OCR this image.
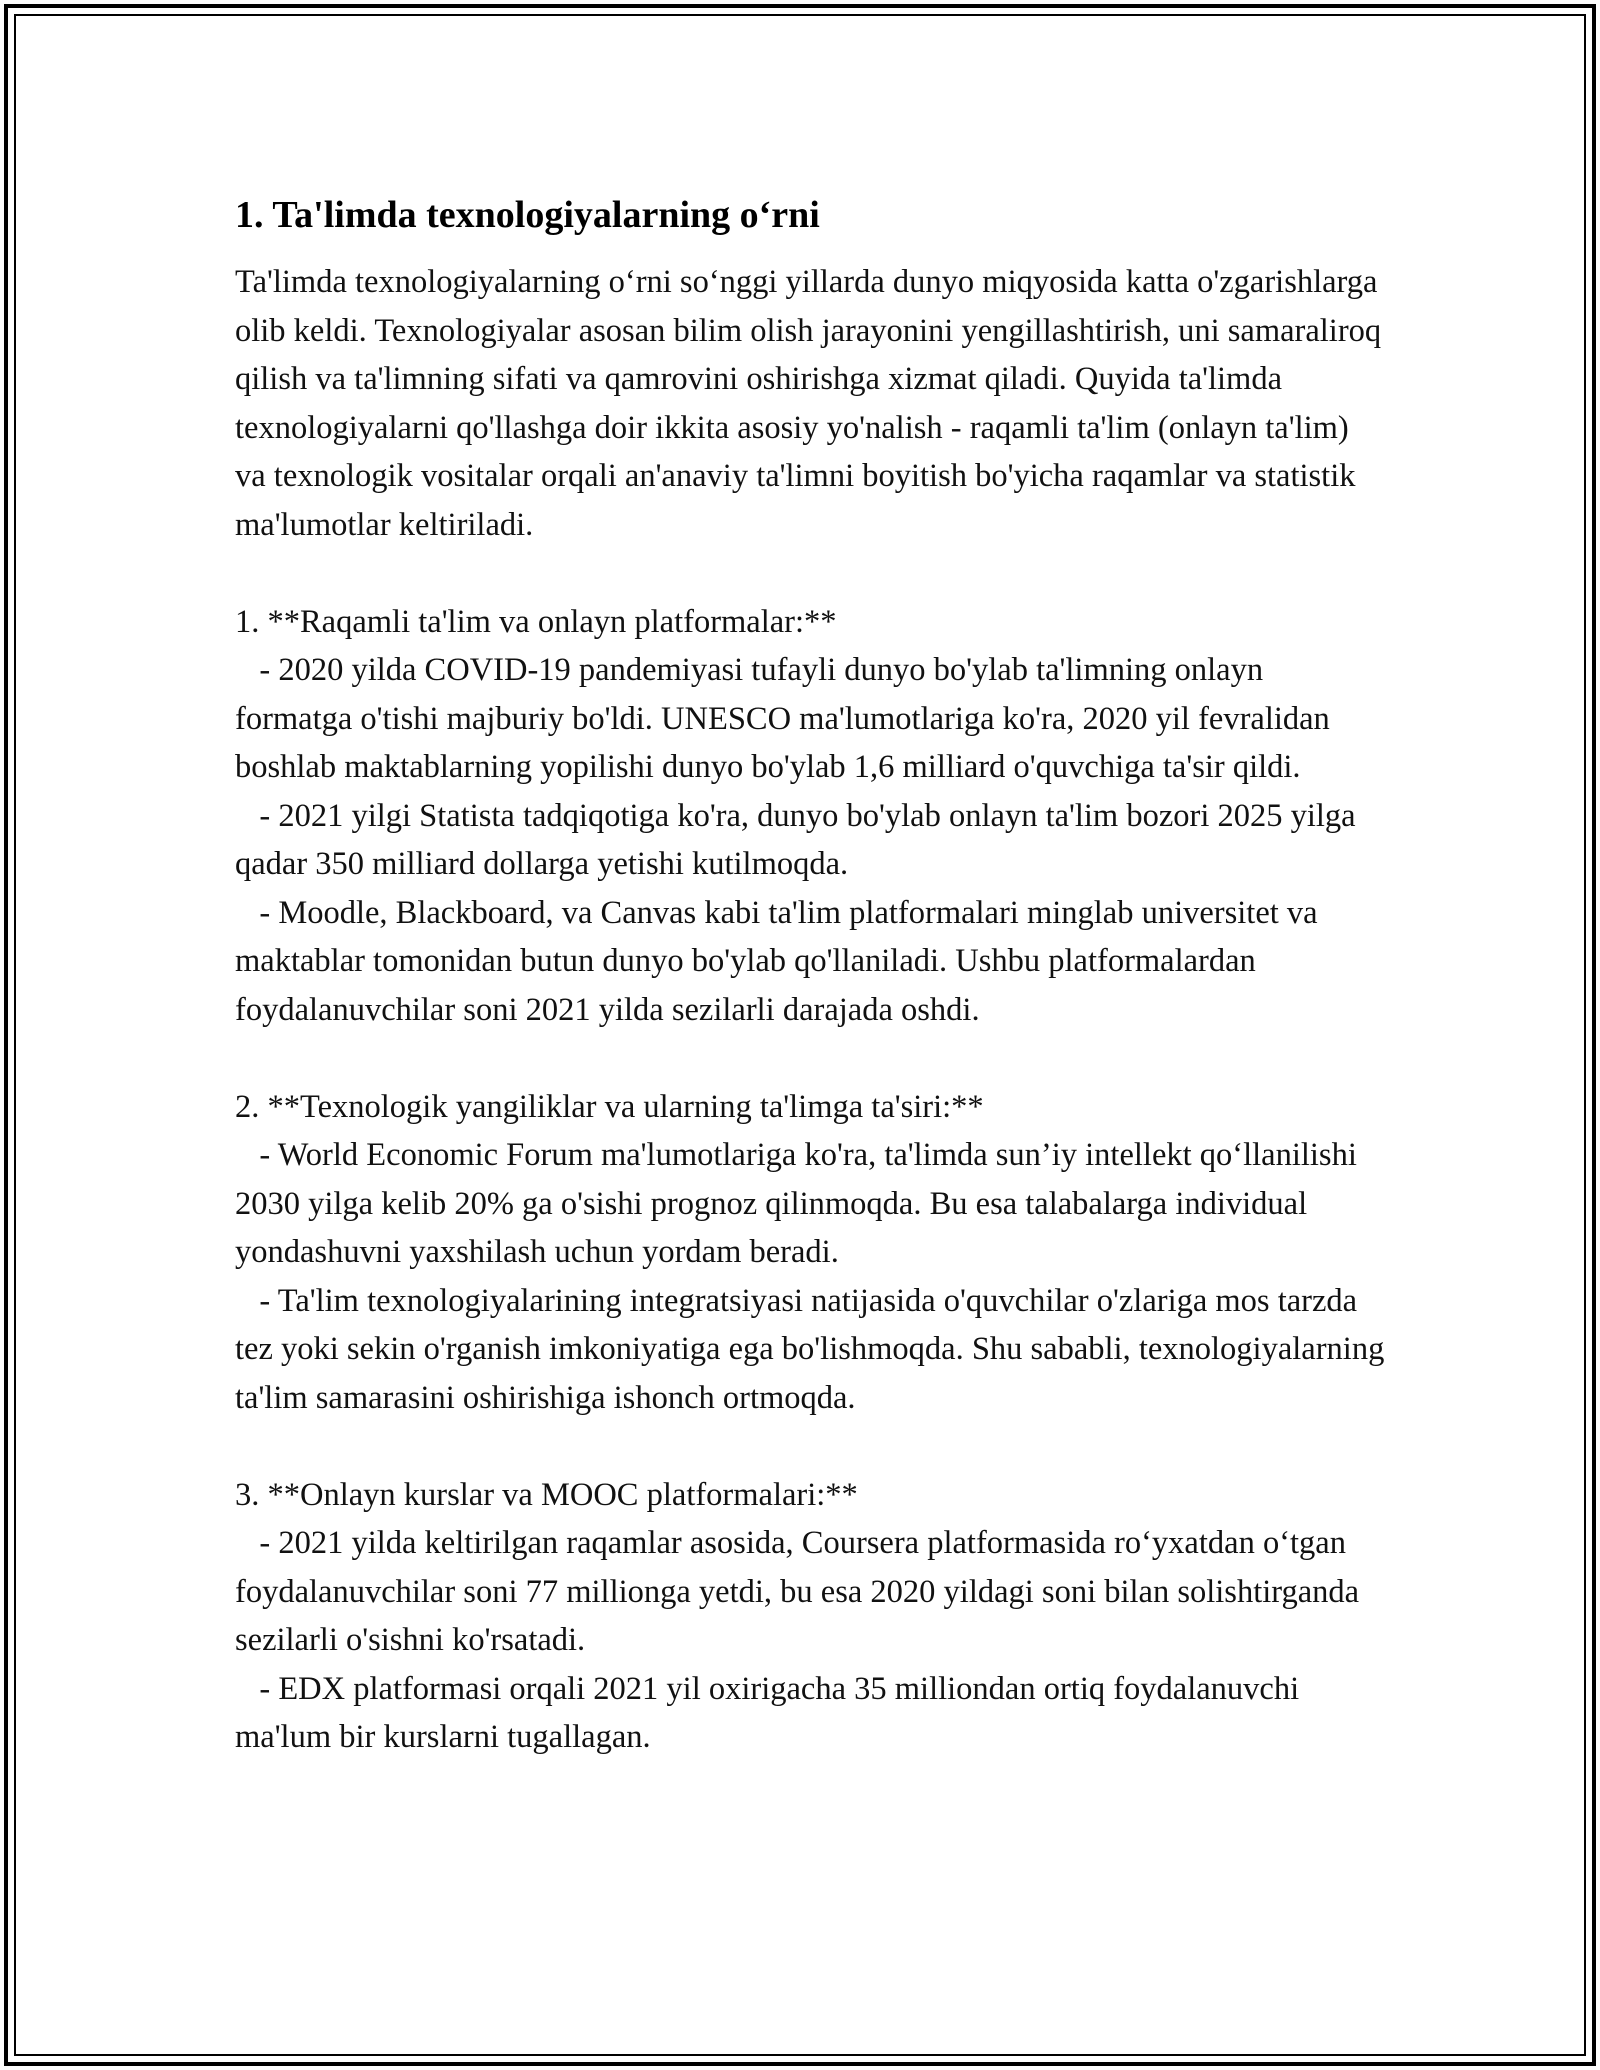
1. Ta'limda texnologiyalarning o‘rni

Ta'limda texnologiyalarning o‘rni so‘nggi yillarda dunyo miqyosida katta o'zgarishlarga olib keldi. Texnologiyalar asosan bilim olish jarayonini yengillashtirish, uni samaraliroq qilish va ta'limning sifati va qamrovini oshirishga xizmat qiladi. Quyida ta'limda texnologiyalarni qo'llashga doir ikkita asosiy yo'nalish - raqamli ta'lim (onlayn ta'lim) va texnologik vositalar orqali an'anaviy ta'limni boyitish bo'yicha raqamlar va statistik ma'lumotlar keltiriladi.

1. **Raqamli ta'lim va onlayn platformalar:**

- 2020 yilda COVID-19 pandemiyasi tufayli dunyo bo'ylab ta'limning onlayn formatga o'tishi majburiy bo'ldi. UNESCO ma'lumotlariga ko'ra, 2020 yil fevralidan boshlab maktablarning yopilishi dunyo bo'ylab 1,6 milliard o'quvchiga ta'sir qildi.

- 2021 yilgi Statista tadqiqotiga ko'ra, dunyo bo'ylab onlayn ta'lim bozori 2025 yilga qadar 350 milliard dollarga yetishi kutilmoqda.

- Moodle, Blackboard, va Canvas kabi ta'lim platformalari minglab universitet va maktablar tomonidan butun dunyo bo'ylab qo'llaniladi. Ushbu platformalardan foydalanuvchilar soni 2021 yilda sezilarli darajada oshdi.

2. **Texnologik yangiliklar va ularning ta'limga ta'siri:**

- World Economic Forum ma'lumotlariga ko'ra, ta'limda sun’iy intellekt qo‘llanilishi 2030 yilga kelib 20% ga o'sishi prognoz qilinmoqda. Bu esa talabalarga individual yondashuvni yaxshilash uchun yordam beradi.

- Ta'lim texnologiyalarining integratsiyasi natijasida o'quvchilar o'zlariga mos tarzda tez yoki sekin o'rganish imkoniyatiga ega bo'lishmoqda. Shu sababli, texnologiyalarning ta'lim samarasini oshirishiga ishonch ortmoqda.

3. **Onlayn kurslar va MOOC platformalari:**

- 2021 yilda keltirilgan raqamlar asosida, Coursera platformasida ro‘yxatdan o‘tgan foydalanuvchilar soni 77 millionga yetdi, bu esa 2020 yildagi soni bilan solishtirganda sezilarli o'sishni ko'rsatadi.

- EDX platformasi orqali 2021 yil oxirigacha 35 milliondan ortiq foydalanuvchi ma'lum bir kurslarni tugallagan.
